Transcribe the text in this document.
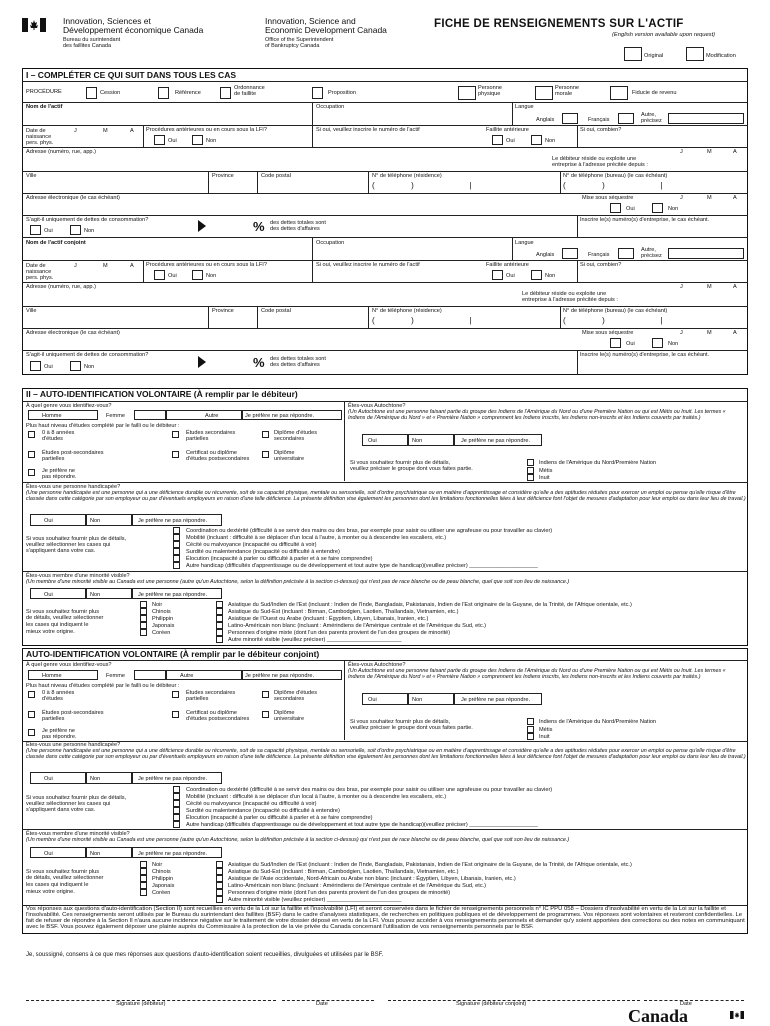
Innovation, Sciences et
Développement économique Canada
Bureau du surintendant
des faillites Canada
Innovation, Science and
Economic Development Canada
Office of the Superintendent
of Bankruptcy Canada
FICHE DE RENSEIGNEMENTS SUR L'ACTIF
(English version available upon request)
Original	Modification
I – COMPLÉTER CE QUI SUIT DANS TOUS LES CAS
PROCÉDURE	Cession	Référence
Ordonnance
de faillite	Proposition
Personne
physique
Personne
morale	Fiducie de revenu
Nom de l'actif	Occupation	Langue
Anglais	Français
Autre,
précisez
Date de
naissance
pers. phys.
J	M	A Procédures antérieures ou en cours sous la LFI?
Oui	Non
Si oui, veuillez inscrire le numéro de l'actif	Faillite antérieure
Oui	Non
Si oui, combien?
Adresse (numéro, rue, app.)	J	M	A
Le débiteur réside ou exploite une
entreprise à l'adresse précitée depuis :
Ville	Province	Code postal	N° de téléphone (résidence)
(           )                 |
N° de téléphone (bureau) (le cas échéant)
(           )                 |
Adresse électronique (le cas échéant)	Mise sous séquestre	J	M	A
Oui	Non
S'agit-il uniquement de dettes de consommation?
Oui	Non	% des dettes totales sont
des dettes d'affaires
Inscrire le(s) numéro(s) d'entreprise, le cas échéant.
Nom de l'actif conjoint	Occupation	Langue
Anglais	Français
Autre,
précisez
Date de
naissance
pers. phys.
J	M	A Procédures antérieures ou en cours sous la LFI?
Oui	Non
Si oui, veuillez inscrire le numéro de l'actif	Faillite antérieure
Oui	Non
Si oui, combien?
Adresse (numéro, rue, app.)	J	M	A
Le débiteur réside ou exploite une
entreprise à l'adresse précitée depuis :
Ville	Province	Code postal	N° de téléphone (résidence)
(           )                 |
N° de téléphone (bureau) (le cas échéant)
(           )                 |
Adresse électronique (le cas échéant)	Mise sous séquestre	J	M	A
Oui	Non
S'agit-il uniquement de dettes de consommation?
Oui	Non	% des dettes totales sont
des dettes d'affaires
Inscrire le(s) numéro(s) d'entreprise, le cas échéant.
II – AUTO-IDENTIFICATION VOLONTAIRE (À remplir par le débiteur)
À quel genre vous identifiez-vous?
Homme	Femme	Autre	Je préfère ne pas répondre.
Plus haut niveau d'études complété par le failli ou le débiteur :
0 à 8 années
d'études
Études secondaires
partielles
Diplôme d'études
secondaires
Études post-secondaires
partielles
Certificat ou diplôme
d'études postsecondaires
Diplôme
universitaire
Je préfère ne
pas répondre.
Êtes-vous Autochtone?
(Un Autochtone est une personne faisant partie du groupe des Indiens de l'Amérique du Nord ou d'une Première Nation ou qui est Métis ou Inuit. Les termes « Indiens de l'Amérique du Nord » et « Première Nation » comprennent les Indiens inscrits, les Indiens non-inscrits et les Indiens couverts par traités.)
Oui	Non	Je préfère ne pas répondre.
Si vous souhaitez fournir plus de détails,
veuillez préciser le groupe dont vous faites partie.
Indiens de l'Amérique du Nord/Première Nation
Métis
Inuit
Êtes-vous une personne handicapée?
(Une personne handicapée est une personne qui a une déficience durable ou récurrente, soit de sa capacité physique, mentale ou sensorielle, soit d'ordre psychiatrique ou en matière d'apprentissage et considère qu'elle a des aptitudes réduites pour exercer un emploi ou pense qu'elle risque d'être classée dans cette catégorie par son employeur ou par d'éventuels employeurs en raison d'une telle déficience. La présente définition vise également les personnes dont les limitations fonctionnelles liées à leur déficience font l'objet de mesures d'adaptation pour leur emploi ou dans leur lieu de travail.)
Oui	Non	Je préfère ne pas répondre.
Si vous souhaitez fournir plus de détails,
veuillez sélectionner les cases qui
s'appliquent dans votre cas.
Coordination ou dextérité (difficulté à se servir des mains ou des bras, par exemple pour saisir ou utiliser une agrafeuse ou pour travailler au clavier)
Mobilité (incluant : difficulté à se déplacer d'un local à l'autre, à monter ou à descendre les escaliers, etc.)
Cécité ou malvoyance (incapacité ou difficulté à voir)
Surdité ou malentendance (incapacité ou difficulté à entendre)
Élocution (incapacité à parler ou difficulté à parler et à se faire comprendre)
Autre handicap (difficultés d'apprentissage ou de développement et tout autre type de handicap)(veuillez préciser) ______________________
Êtes-vous membre d'une minorité visible?
(Un membre d'une minorité visible au Canada est une personne (autre qu'un Autochtone, selon la définition précisée à la section ci-dessus) qui n'est pas de race blanche ou de peau blanche, quel que soit son lieu de naissance.)
Oui	Non	Je préfère ne pas répondre.
Si vous souhaitez fournir plus
de détails, veuillez sélectionner
les cases qui indiquent le
mieux votre origine.
Noir
Chinois
Philippin
Japonais
Coréen
Asiatique du Sud/Indien de l'Est (incluant : Indien de l'Inde, Bangladais, Pakistanais, Indien de l'Est originaire de la Guyane, de la Trinité, de l'Afrique orientale, etc.)
Asiatique du Sud-Est (incluant : Birman, Cambodgien, Laotien, Thaïlandais, Vietnamien, etc.)
Asiatique de l'Ouest ou Arabe (incluant : Égyptien, Libyen, Libanais, Iranien, etc.)
Latino-Américain non blanc (incluant : Amérindiens de l'Amérique centrale et de l'Amérique du Sud, etc.)
Personnes d'origine mixte (dont l'un des parents provient de l'un des groupes de minorité)
Autre minorité visible (veuillez préciser) ________________________
AUTO-IDENTIFICATION VOLONTAIRE (À remplir par le débiteur conjoint)
À quel genre vous identifiez-vous?
Homme	Femme	Autre	Je préfère ne pas répondre.
Plus haut niveau d'études complété par le failli ou le débiteur :
0 à 8 années
d'études
Études secondaires
partielles
Diplôme d'études
secondaires
Études post-secondaires
partielles
Certificat ou diplôme
d'études postsecondaires
Diplôme
universitaire
Je préfère ne
pas répondre.
Êtes-vous Autochtone?
(Un Autochtone est une personne faisant partie du groupe des Indiens de l'Amérique du Nord ou d'une Première Nation ou qui est Métis ou Inuit. Les termes « Indiens de l'Amérique du Nord » et « Première Nation » comprennent les Indiens inscrits, les Indiens non-inscrits et les Indiens couverts par traités.)
Oui	Non	Je préfère ne pas répondre.
Si vous souhaitez fournir plus de détails,
veuillez préciser le groupe dont vous faites partie.
Indiens de l'Amérique du Nord/Première Nation
Métis
Inuit
Êtes-vous une personne handicapée?
(Une personne handicapée est une personne qui a une déficience durable ou récurrente, soit de sa capacité physique, mentale ou sensorielle, soit d'ordre psychiatrique ou en matière d'apprentissage et considère qu'elle a des aptitudes réduites pour exercer un emploi ou pense qu'elle risque d'être classée dans cette catégorie par son employeur ou par d'éventuels employeurs en raison d'une telle déficience. La présente définition vise également les personnes dont les limitations fonctionnelles liées à leur déficience font l'objet de mesures d'adaptation pour leur emploi ou dans leur lieu de travail.)
Oui	Non	Je préfère ne pas répondre.
Si vous souhaitez fournir plus de détails,
veuillez sélectionner les cases qui
s'appliquent dans votre cas.
Coordination ou dextérité (difficulté à se servir des mains ou des bras, par exemple pour saisir ou utiliser une agrafeuse ou pour travailler au clavier)
Mobilité (incluant : difficulté à se déplacer d'un local à l'autre, à monter ou à descendre les escaliers, etc.)
Cécité ou malvoyance (incapacité ou difficulté à voir)
Surdité ou malentendance (incapacité ou difficulté à entendre)
Élocution (incapacité à parler ou difficulté à parler et à se faire comprendre)
Autre handicap (difficultés d'apprentissage ou de développement et tout autre type de handicap)(veuillez préciser) ______________________
Êtes-vous membre d'une minorité visible?
(Un membre d'une minorité visible au Canada est une personne (autre qu'un Autochtone, selon la définition précisée à la section ci-dessus) qui n'est pas de race blanche ou de peau blanche, quel que soit son lieu de naissance.)
Oui	Non	Je préfère ne pas répondre.
Si vous souhaitez fournir plus
de détails, veuillez sélectionner
les cases qui indiquent le
mieux votre origine.
Noir
Chinois
Philippin
Japonais
Coréen
Asiatique du Sud/Indien de l'Est (incluant : Indien de l'Inde, Bangladais, Pakistanais, Indien de l'Est originaire de la Guyane, de la Trinité, de l'Afrique orientale, etc.)
Asiatique du Sud-Est (incluant : Birman, Cambodgien, Laotien, Thaïlandais, Vietnamien, etc.)
Asiatique de l'Asie occidentale, Nord-Africain ou Arabe non blanc (incluant : Égyptien, Libyen, Libanais, Iranien, etc.)
Latino-Américain non blanc (incluant : Amérindiens de l'Amérique centrale et de l'Amérique du Sud, etc.)
Personnes d'origine mixte (dont l'un des parents provient de l'un des groupes de minorité)
Autre minorité visible (veuillez préciser) ________________________
Vos réponses aux questions d'auto-identification (Section II) sont recueillies en vertu de la Loi sur la faillite et l'insolvabilité (LFI) et seront conservées dans le fichier de renseignements personnels n° IC PPU 058 – Dossiers d'insolvabilité en vertu de la Loi sur la faillite et l'insolvabilité. Ces renseignements seront utilisés par le Bureau du surintendant des faillites (BSF) dans le cadre d'analyses statistiques, de recherches en politiques publiques et de développement de programmes. Vos réponses sont volontaires et resteront confidentielles. Le fait de refuser de répondre à la Section II n'aura aucune incidence négative sur le traitement de votre dossier déposé en vertu de la LFI. Vous pouvez accéder à vos renseignements personnels et demander qu'y soient apportées des corrections ou des notes en communiquant avec le BSF. Vous pouvez également déposer une plainte auprès du Commissaire à la protection de la vie privée du Canada concernant l'utilisation de vos renseignements personnels par le BSF.
Je, soussigné, consens à ce que mes réponses aux questions d'auto-identification soient recueillies, divulguées et utilisées par le BSF.
Signature (débiteur)	Date	Signature (débiteur conjoint)	Date
Canada
